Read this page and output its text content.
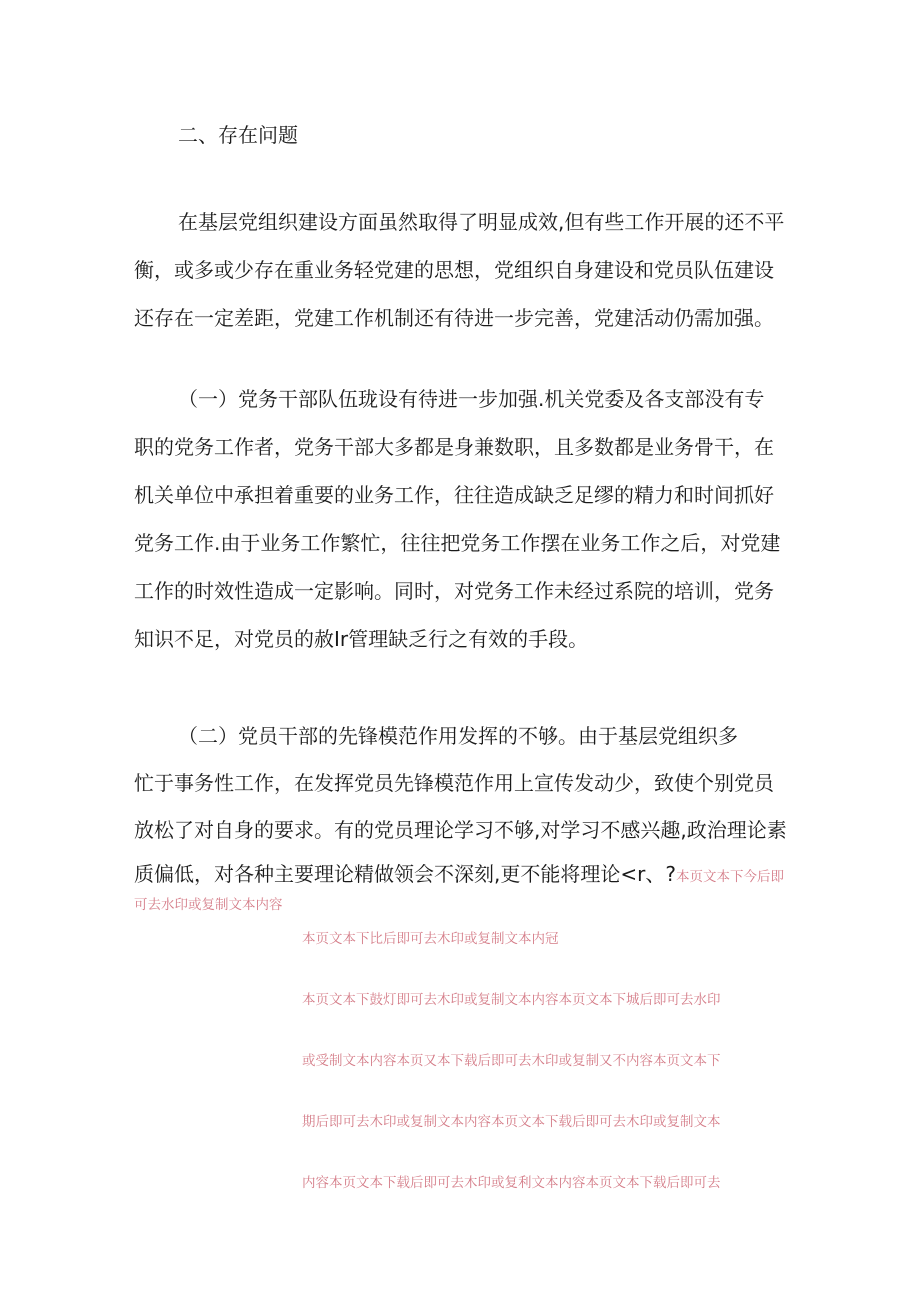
二、存在问题
在基层党组织建设方面虽然取得了明显成效,但有些工作开展的还不平
衡，或多或少存在重业务轻党建的思想，党组织自身建设和党员队伍建设
还存在一定差距，党建工作机制还有待进一步完善，党建活动仍需加强。
（一）党务干部队伍珑设有待进一步加强.机关党委及各支部没有专
职的党务工作者，党务干部大多都是身兼数职，且多数都是业务骨干，在
机关单位中承担着重要的业务工作，往往造成缺乏足缪的精力和时间抓好
党务工作.由于业务工作繁忙，往往把党务工作摆在业务工作之后，对党建
工作的时效性造成一定影响。同时，对党务工作未经过系院的培训，党务
知识不足，对党员的赦Ir管理缺乏行之有效的手段。
（二）党员干部的先锋模范作用发挥的不够。由于基层党组织多
忙于事务性工作，在发挥党员先锋模范作用上宣传发动少，致使个别党员
放松了对自身的要求。有的党员理论学习不够,对学习不感兴趣,政治理论素
质偏低，对各种主要理论精做领会不深刻,更不能将理论<r、?本页文本下今后即
可去水印或复制文本内容
本页文本下比后即可去木印或复制文本内冠
本页文本下鼓灯即可去木印或复制文本内容本页文本下城后即可去水印
或受制文本内容本页又本下载后即可去木印或复制又不内容本页文本下
期后即可去木印或复制文本内容本页文本下载后即可去木印或复制文本
内容本页文本下载后即可去木印或复利文本内容本页文本下载后即可去
